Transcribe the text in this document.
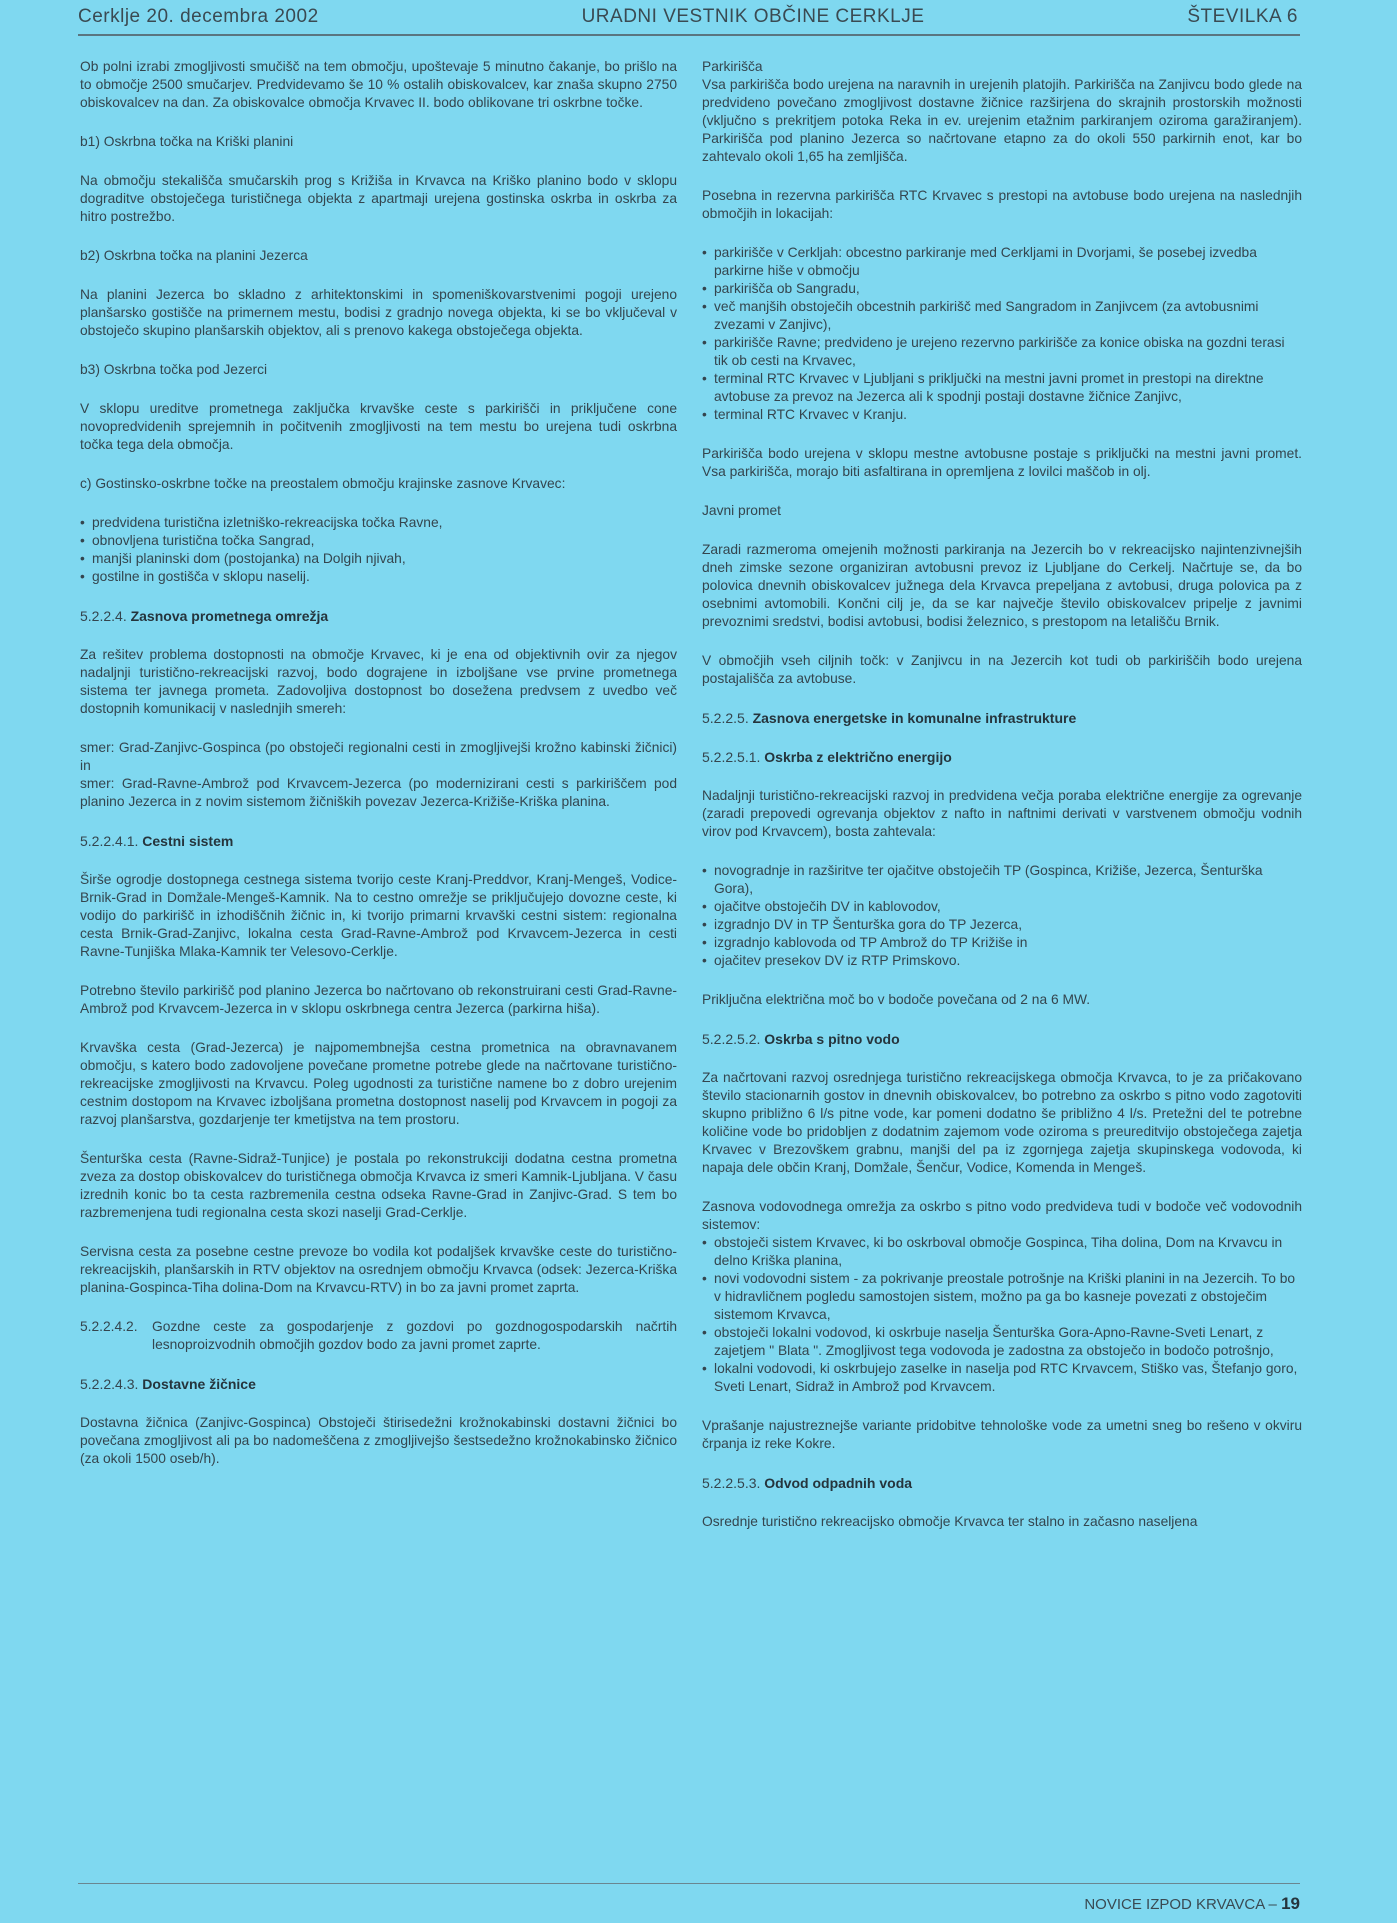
Cerklje 20. decembra 2002	URADNI VESTNIK OBČINE CERKLJE	ŠTEVILKA 6

Ob polni izrabi zmogljivosti smučišč na tem območju, upoštevaje 5 minutno čakanje, bo prišlo na to območje 2500 smučarjev. Predvidevamo še 10 % ostalih obiskovalcev, kar znaša skupno 2750 obiskovalcev na dan. Za obiskovalce območja Krvavec II. bodo oblikovane tri oskrbne točke.

b1) Oskrbna točka na Kriški planini

Na območju stekališča smučarskih prog s Križiša in Krvavca na Kriško planino bodo v sklopu dograditve obstoječega turističnega objekta z apartmaji urejena gostinska oskrba in oskrba za hitro postrežbo.

b2) Oskrbna točka na planini Jezerca

Na planini Jezerca bo skladno z arhitektonskimi in spomeniškovarstvenimi pogoji urejeno planšarsko gostišče na primernem mestu, bodisi z gradnjo novega objekta, ki se bo vključeval v obstoječo skupino planšarskih objektov, ali s prenovo kakega obstoječega objekta.

b3) Oskrbna točka pod Jezerci

V sklopu ureditve prometnega zaključka krvavške ceste s parkirišči in priključene cone novopredvidenih sprejemnih in počitvenih zmogljivosti na tem mestu bo urejena tudi oskrbna točka tega dela območja.

c) Gostinsko-oskrbne točke na preostalem območju krajinske zasnove Krvavec:

• predvidena turistična izletniško-rekreacijska točka Ravne,
• obnovljena turistična točka Sangrad,
• manjši planinski dom (postojanka) na Dolgih njivah,
• gostilne in gostišča v sklopu naselij.
5.2.2.4. Zasnova prometnega omrežja

Za rešitev problema dostopnosti na območje Krvavec, ki je ena od objektivnih ovir za njegov nadaljnji turistično-rekreacijski razvoj, bodo dograjene in izboljšane vse prvine prometnega sistema ter javnega prometa. Zadovoljiva dostopnost bo dosežena predvsem z uvedbo več dostopnih komunikacij v naslednjih smereh:

smer: Grad-Zanjivc-Gospinca (po obstoječi regionalni cesti in zmogljivejši krožno kabinski žičnici) in

smer: Grad-Ravne-Ambrož pod Krvavcem-Jezerca (po modernizirani cesti s parkiriščem pod planino Jezerca in z novim sistemom žičniških povezav Jezerca-Križiše-Kriška planina.

5.2.2.4.1. Cestni sistem

Širše ogrodje dostopnega cestnega sistema tvorijo ceste Kranj-Preddvor, Kranj-Mengeš, Vodice-Brnik-Grad in Domžale-Mengeš-Kamnik. Na to cestno omrežje se priključujejo dovozne ceste, ki vodijo do parkirišč in izhodiščnih žičnic in, ki tvorijo primarni krvavški cestni sistem: regionalna cesta Brnik-Grad-Zanjivc, lokalna cesta Grad-Ravne-Ambrož pod Krvavcem-Jezerca in cesti Ravne-Tunjiška Mlaka-Kamnik ter Velesovo-Cerklje.

Potrebno število parkirišč pod planino Jezerca bo načrtovano ob rekonstruirani cesti Grad-Ravne-Ambrož pod Krvavcem-Jezerca in v sklopu oskrbnega centra Jezerca (parkirna hiša).

Krvavška cesta (Grad-Jezerca) je najpomembnejša cestna prometnica na obravnavanem območju, s katero bodo zadovoljene povečane prometne potrebe glede na načrtovane turistično-rekreacijske zmogljivosti na Krvavcu. Poleg ugodnosti za turistične namene bo z dobro urejenim cestnim dostopom na Krvavec izboljšana prometna dostopnost naselij pod Krvavcem in pogoji za razvoj planšarstva, gozdarjenje ter kmetijstva na tem prostoru.

Šenturška cesta (Ravne-Sidraž-Tunjice) je postala po rekonstrukciji dodatna cestna prometna zveza za dostop obiskovalcev do turističnega območja Krvavca iz smeri Kamnik-Ljubljana. V času izrednih konic bo ta cesta razbremenila cestna odseka Ravne-Grad in Zanjivc-Grad. S tem bo razbremenjena tudi regionalna cesta skozi naselji Grad-Cerklje.

Servisna cesta za posebne cestne prevoze bo vodila kot podaljšek krvavške ceste do turistično-rekreacijskih, planšarskih in RTV objektov na osrednjem območju Krvavca (odsek: Jezerca-Kriška planina-Gospinca-Tiha dolina-Dom na Krvavcu-RTV) in bo za javni promet zaprta.

5.2.2.4.2.	Gozdne ceste za gospodarjenje z gozdovi po gozdnogospodarskih načrtih lesnoproizvodnih območjih gozdov bodo za javni promet zaprte.
5.2.2.4.3. Dostavne žičnice

Dostavna žičnica (Zanjivc-Gospinca) Obstoječi štirisedežni krožnokabinski dostavni žičnici bo povečana zmogljivost ali pa bo nadomeščena z zmogljivejšo šestsedežno krožnokabinsko žičnico (za okoli 1500 oseb/h).

Parkirišča

Vsa parkirišča bodo urejena na naravnih in urejenih platojih. Parkirišča na Zanjivcu bodo glede na predvideno povečano zmogljivost dostavne žičnice razširjena do skrajnih prostorskih možnosti (vključno s prekritjem potoka Reka in ev. urejenim etažnim parkiranjem oziroma garažiranjem). Parkirišča pod planino Jezerca so načrtovane etapno za do okoli 550 parkirnih enot, kar bo zahtevalo okoli 1,65 ha zemljišča.

Posebna in rezervna parkirišča RTC Krvavec s prestopi na avtobuse bodo urejena na naslednjih območjih in lokacijah:

• parkirišče v Cerkljah: obcestno parkiranje med Cerkljami in Dvorjami, še posebej izvedba parkirne hiše v območju
• parkirišča ob Sangradu,
• več manjših obstoječih obcestnih parkirišč med Sangradom in Zanjivcem (za avtobusnimi zvezami v Zanjivc),
• parkirišče Ravne; predvideno je urejeno rezervno parkirišče za konice obiska na gozdni terasi tik ob cesti na Krvavec,
• terminal RTC Krvavec v Ljubljani s priključki na mestni javni promet in prestopi na direktne avtobuse za prevoz na Jezerca ali k spodnji postaji dostavne žičnice Zanjivc,
• terminal RTC Krvavec v Kranju.

Parkirišča bodo urejena v sklopu mestne avtobusne postaje s priključki na mestni javni promet. Vsa parkirišča, morajo biti asfaltirana in opremljena z lovilci maščob in olj.

Javni promet

Zaradi razmeroma omejenih možnosti parkiranja na Jezercih bo v rekreacijsko najintenzivnejših dneh zimske sezone organiziran avtobusni prevoz iz Ljubljane do Cerkelj. Načrtuje se, da bo polovica dnevnih obiskovalcev južnega dela Krvavca prepeljana z avtobusi, druga polovica pa z osebnimi avtomobili. Končni cilj je, da se kar največje število obiskovalcev pripelje z javnimi prevoznimi sredstvi, bodisi avtobusi, bodisi železnico, s prestopom na letališču Brnik.

V območjih vseh ciljnih točk: v Zanjivcu in na Jezercih kot tudi ob parkiriščih bodo urejena postajališča za avtobuse.

5.2.2.5. Zasnova energetske in komunalne infrastrukture
5.2.2.5.1. Oskrba z električno energijo

Nadaljnji turistično-rekreacijski razvoj in predvidena večja poraba električne energije za ogrevanje (zaradi prepovedi ogrevanja objektov z nafto in naftnimi derivati v varstvenem območju vodnih virov pod Krvavcem), bosta zahtevala:

• novogradnje in razširitve ter ojačitve obstoječih TP (Gospinca, Križiše, Jezerca, Šenturška Gora),
• ojačitve obstoječih DV in kablovodov,
• izgradnjo DV in TP Šenturška gora do TP Jezerca,
• izgradnjo kablovoda od TP Ambrož do TP Križiše in
• ojačitev presekov DV iz RTP Primskovo.

Priključna električna moč bo v bodoče povečana od 2 na 6 MW.

5.2.2.5.2. Oskrba s pitno vodo

Za načrtovani razvoj osrednjega turistično rekreacijskega območja Krvavca, to je za pričakovano število stacionarnih gostov in dnevnih obiskovalcev, bo potrebno za oskrbo s pitno vodo zagotoviti skupno približno 6 l/s pitne vode, kar pomeni dodatno še približno 4 l/s. Pretežni del te potrebne količine vode bo pridobljen z dodatnim zajemom vode oziroma s preureditvijo obstoječega zajetja Krvavec v Brezovškem grabnu, manjši del pa iz zgornjega zajetja skupinskega vodovoda, ki napaja dele občin Kranj, Domžale, Šenčur, Vodice, Komenda in Mengeš.

Zasnova vodovodnega omrežja za oskrbo s pitno vodo predvideva tudi v bodoče več vodovodnih sistemov:

• obstoječi sistem Krvavec, ki bo oskrboval območje Gospinca, Tiha dolina, Dom na Krvavcu in delno Kriška planina,
• novi vodovodni sistem - za pokrivanje preostale potrošnje na Kriški planini in na Jezercih. To bo v hidravličnem pogledu samostojen sistem, možno pa ga bo kasneje povezati z obstoječim sistemom Krvavca,
• obstoječi lokalni vodovod, ki oskrbuje naselja Šenturška Gora-Apno-Ravne-Sveti Lenart, z zajetjem " Blata ". Zmogljivost tega vodovoda je zadostna za obstoječo in bodočo potrošnjo,
• lokalni vodovodi, ki oskrbujejo zaselke in naselja pod RTC Krvavcem, Stiško vas, Štefanjo goro, Sveti Lenart, Sidraž in Ambrož pod Krvavcem.

Vprašanje najustreznejše variante pridobitve tehnološke vode za umetni sneg bo rešeno v okviru črpanja iz reke Kokre.

5.2.2.5.3. Odvod odpadnih voda

Osrednje turistično rekreacijsko območje Krvavca ter stalno in začasno naseljena

NOVICE IZPOD KRVAVCA – 19
